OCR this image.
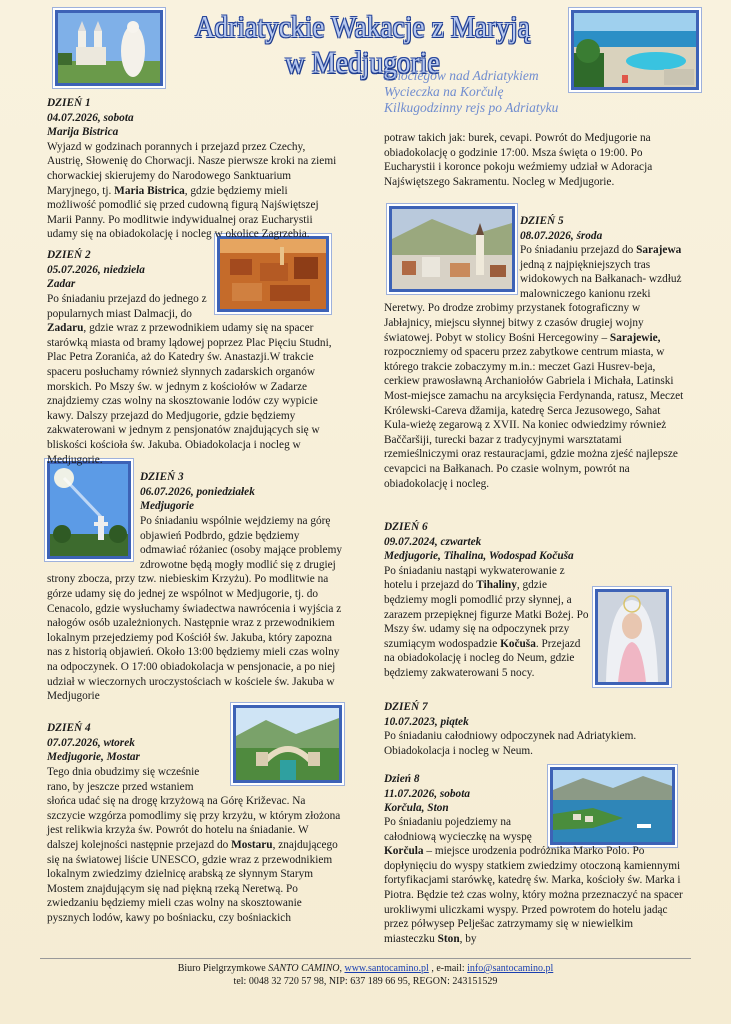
Adriatyckie Wakacje z Maryją w Medjugorie
5 noclegów nad Adriatykiem
Wycieczka na Korčulę
Kilkugodzinny rejs po Adriatyku
DZIEŃ 1
04.07.2026, sobota
Marija Bistrica
Wyjazd w godzinach porannych i przejazd przez Czechy, Austrię, Słowenię do Chorwacji. Nasze pierwsze kroki na ziemi chorwackiej skierujemy do Narodowego Sanktuarium Maryjnego, tj. Maria Bistrica, gdzie będziemy mieli możliwość pomodlić się przed cudowną figurą Najświętszej Marii Panny. Po modlitwie indywidualnej oraz Eucharystii udamy się na obiadokolację i nocleg w okolice Zagrzebia.
DZIEŃ 2
05.07.2026, niedziela
Zadar
Po śniadaniu przejazd do jednego z popularnych miast Dalmacji, do Zadaru, gdzie wraz z przewodnikiem udamy się na spacer starówką miasta od bramy lądowej poprzez Plac Pięciu Studni, Plac Petra Zoranića, aż do Katedry św. Anastazji.W trakcie spaceru posłuchamy również słynnych zadarskich organów morskich. Po Mszy św. w jednym z kościołów w Zadarze znajdziemy czas wolny na skosztowanie lodów czy wypicie kawy. Dalszy przejazd do Medjugorie, gdzie będziemy zakwaterowani w jednym z pensjonatów znajdujących się w bliskości kościoła św. Jakuba. Obiadokolacja i nocleg w Medjugorie.
DZIEŃ 3
06.07.2026, poniedziałek
Medjugorie
Po śniadaniu wspólnie wejdziemy na górę objawień Podbrdo, gdzie będziemy odmawiać różaniec (osoby mające problemy zdrowotne będą mogły modlić się z drugiej strony zbocza, przy tzw. niebieskim Krzyżu). Po modlitwie na górze udamy się do jednej ze wspólnot w Medjugorie, tj. do Cenacolo, gdzie wysłuchamy świadectwa nawrócenia i wyjścia z nałogów osób uzależnionych. Następnie wraz z przewodnikiem lokalnym przejedziemy pod Kościół św. Jakuba, który zapozna nas z historią objawień. Około 13:00 będziemy mieli czas wolny na odpoczynek. O 17:00 obiadokolacja w pensjonacie, a po niej udział w wieczornych uroczystościach w kościele św. Jakuba w Medjugorie
DZIEŃ 4
07.07.2026, wtorek
Medjugorie, Mostar
Tego dnia obudzimy się wcześnie rano, by jeszcze przed wstaniem słońca udać się na drogę krzyżową na Górę Križevac. Na szczycie wzgórza pomodlimy się przy krzyżu, w którym złożona jest relikwia krzyża św. Powrót do hotelu na śniadanie. W dalszej kolejności następnie przejazd do Mostaru, znajdującego się na światowej liście UNESCO, gdzie wraz z przewodnikiem lokalnym zwiedzimy dzielnicę arabską ze słynnym Starym Mostem znajdującym się nad piękną rzeką Neretwą. Po zwiedzaniu będziemy mieli czas wolny na skosztowanie pysznych lodów, kawy po bośniacku, czy bośniackich
potraw takich jak: burek, cevapi. Powrót do Medjugorie na obiadokolację o godzinie 17:00. Msza święta o 19:00. Po Eucharystii i koronce pokoju weźmiemy udział w Adoracja Najświętszego Sakramentu. Nocleg w Medjugorie.
DZIEŃ 5
08.07.2026, środa
Po śniadaniu przejazd do Sarajewa jedną z najpiękniejszych tras widokowych na Bałkanach- wzdłuż malowniczego kanionu rzeki Neretwy. Po drodze zrobimy przystanek fotograficzny w Jabłajnicy, miejscu słynnej bitwy z czasów drugiej wojny światowej. Pobyt w stolicy Bośni Hercegowiny – Sarajewie, rozpoczniemy od spaceru przez zabytkowe centrum miasta, w którego trakcie zobaczymy m.in.: meczet Gazi Husrev-beja, cerkiew prawosławną Archaniołów Gabriela i Michała, Latinski Most-miejsce zamachu na arcyksięcia Ferdynanda, ratusz, Meczet Królewski-Careva džamija, katedrę Serca Jezusowego, Sahat Kula-wieżę zegarową z XVII. Na koniec odwiedzimy również Baččaršiji, turecki bazar z tradycyjnymi warsztatami rzemieślniczymi oraz restauracjami, gdzie można zjeść najlepsze cevapcici na Bałkanach. Po czasie wolnym, powrót na obiadokolację i nocleg.
DZIEŃ 6
09.07.2024, czwartek
Medjugorie, Tihalina, Wodospad Kočuša
Po śniadaniu nastąpi wykwaterowanie z hotelu i przejazd do Tihaliny, gdzie będziemy mogli pomodlić przy słynnej, a zarazem przepięknej figurze Matki Bożej. Po Mszy św. udamy się na odpoczynek przy szumiącym wodospadzie Kočuša. Przejazd na obiadokolację i nocleg do Neum, gdzie będziemy zakwaterowani 5 nocy.
DZIEŃ 7
10.07.2023, piątek
Po śniadaniu całodniowy odpoczynek nad Adriatykiem. Obiadokolacja i nocleg w Neum.
Dzień 8
11.07.2026, sobota
Korčula, Ston
Po śniadaniu pojedziemy na całodniową wycieczkę na wyspę Korčula – miejsce urodzenia podróżnika Marko Polo. Po dopłynięciu do wyspy statkiem zwiedzimy otoczoną kamiennymi fortyfikacjami starówkę, katedrę św. Marka, kościoły św. Marka i Piotra. Będzie też czas wolny, który można przeznaczyć na spacer urokliwymi uliczkami wyspy. Przed powrotem do hotelu jadąc przez półwysep Pelješac zatrzymamy się w niewielkim miasteczku Ston, by
Biuro Pielgrzymkowe SANTO CAMINO, www.santocamino.pl , e-mail: info@santocamino.pl
tel: 0048 32 720 57 98, NIP: 637 189 66 95, REGON: 243151529
